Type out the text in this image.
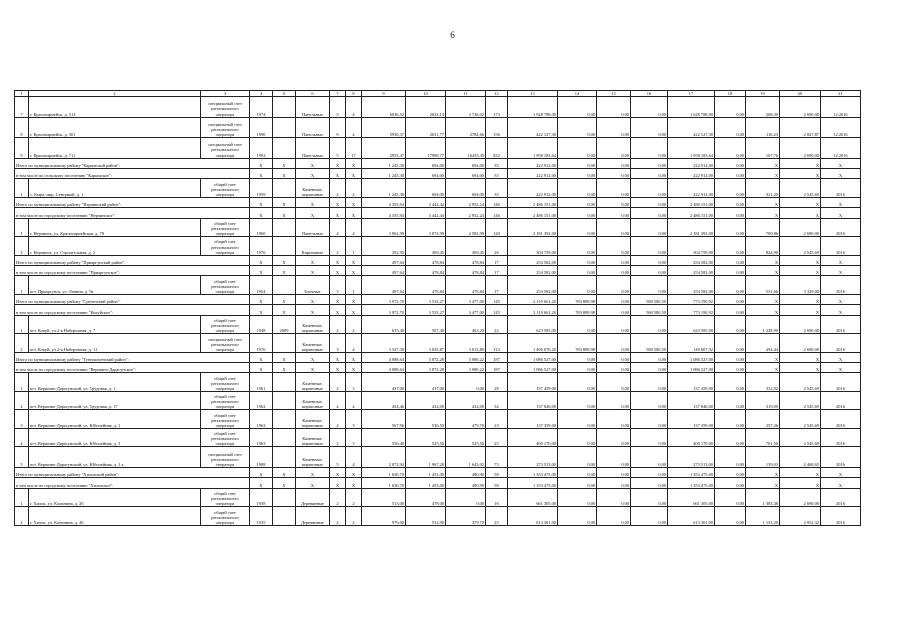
6
1	2	3	4	5	6	7	8	9	10	11	12	13	14	15	16	17	18	19	20	21
7	г. Красноармейск, д. 514	специальный счет регионального оператора	1974		Панельные	5	4	6036,52	2633,13	3 736,02	173	1 928 788,00	0,00	0,00	0,00	1 628 788,00	0,00	268,39	2 690,00	12.2016
8	г. Красноармейск, д. 301	специальный счет регионального оператора	1990		Панельные	9	2	5930,37	2631,77	2784,66	156	422 127,30	0,00	0,00	0,00	422 127,30	0,00	116,23	2 827,87	12.2016
9	г. Красноармейск, д. 711	специальный счет регионального оператора	1992		Панельные	5	17	2953,47	17988,77	16435,39	832	1 958 183,64	0,00	0,00	0,00	1 958 183,64	0,00	107,76	2 690,00	12.2016
Итого по муниципальному району "Карымский район":			X	X	X	X	X	1 245,30	694,00	694,00	35	222 912,00	0,00	0,00	0,00	222 912,00	0,00	X	X	X
в том числе по сельскому поселению "Карымское":			X	X	X	X	X	1 245,30	694,00	694,00	35	222 912,00	0,00	0,00	0,00	222 912,00	0,00	X	X	X
1	с. Кыра, мкр. Северный, д. 1	общий счет регионального оператора	1959		Каменные, кирпичные	2	2	1 245,30	694,00	694,00	35	222 912,00	0,00	0,00	0,00	222 912,00	0,00	321,20	2 545,69	2016
Итого по муниципальному району "Нерчинский район":			X	X	X	X	X	4 355,94	3 442,44	2 952,24	146	2 486 151,00	0,00	0,00	0,00	2 486 151,00	0,00	X	X	X
в том числе по городскому поселению "Нерчинское":			X	X	X	X	X	4 355,94	3 442,44	2 952,24	146	2 486 151,00	0,00	0,00	0,00	2 486 151,00	0,00	X	X	X
1	г. Нерчинск, ул. Красноармейская, д. 78	общий счет регионального оператора	1960		Панельные	4	4	3 962,99	3 072,99	2 582,99	120	2 181 392,00	0,00	0,00	0,00	2 181 392,00	0,00	709,86	2 690,00	2016
2	г. Нерчинск, ул. Строительная, д. 2	общий счет регионального оператора	1976		Кирпичные	2	1	392,95	369,45	369,45	26	304 759,00	0,00	0,00	0,00	304 759,00	0,00	824,90	2 545,69	2016
Итого по муниципальному району "Приаргунский район":			X	X	X	X	X	497,64	478,84	478,84	17	254 582,00	0,00	0,00	0,00	254 582,00	0,00	X	X	X
в том числе по городскому поселению "Приаргунское":			X	X	X	X	X	497,64	478,84	478,84	17	254 582,00	0,00	0,00	0,00	254 582,00	0,00	X	X	X
1	пгт. Приаргунск, ул. Ленина, д. 9а	общий счет регионального оператора	1954		Блочные	3	1	497,64	478,84	478,84	17	254 582,00	0,00	0,00	0,00	254 582,00	0,00	531,66	3 329,00	2016
Итого по муниципальному району "Сретенский район":			X	X	X	X	X	3 972,70	3 533,27	3 477,00	145	2 119 661,20	783 889,98	0,00	580 580,50	773 190,92	0,00	X	X	X
в том числе по городскому поселению "Кокуйское":			X	X	X	X	X	3 972,70	3 533,27	3 477,00	145	2 119 661,20	783 889,98	0,00	580 580,50	773 190,92	0,00	X	X	X
1	пгт. Кокуй, ул.2-я Набережная, д. 7	общий счет регионального оператора	1948	2009	Каменные, кирпичные	2	2	635,40	507,40	463,20	22	623 585,00	0,00	0,00	0,00	623 585,00	0,00	1 228,99	2 690,00	2016
2	пгт. Кокуй, ул.2-я Набережная, д. 11	специальный счет регионального оператора	1976		Каменные, кирпичные	3	4	3 337,30	3 025,87	3 013,80	123	1 496 076,20	783 889,98	0,00	580 580,50	149 607,92	0,00	494,44	2 690,00	2016
Итого по муниципальному району "Тунгокоченский район":			X	X	X	X	X	4 088,64	3 872,28	3 080,22	187	1 086 527,00	0,00	0,00	0,00	1 086 527,00	0,00	X	X	X
в том числе по городскому поселению "Вершино-Дарасунское":			X	X	X	X	X	4 088,64	3 872,28	3 080,22	187	1 086 527,00	0,00	0,00	0,00	1 086 527,00	0,00	X	X	X
1	пгт. Вершино-Дарасунский, ул. Трудовая, д. 1	общий счет регионального оператора	1961		Каменные, кирпичные	2	3	437,00	417,00	0,00	28	137 459,00	0,00	0,00	0,00	137 459,00	0,00	332,92	2 545,69	2016
2	пгт. Вершино-Дарасунский, ул. Трудовая, д. 17	общий счет регионального оператора	1962		Каменные, кирпичные	2	2	454,46	432,00	432,00	34	137 846,00	0,00	0,00	0,00	137 846,00	0,00	319,09	2 545,69	2016
3	пгт. Вершино-Дарасунский, ул. Юбилейная, д. 1	общий счет регионального оператора	1962		Каменные, кирпичные	2	3	567,96	536,50	479,70	23	137 359,00	0,00	0,00	0,00	137 359,00	0,00	257,26	2 545,69	2016
4	пгт. Вершино-Дарасунский, ул. Юбилейная, д. 3	общий счет регионального оператора	1963		Каменные, кирпичные	2	3	556,40	525,50	525,50	25	400 170,00	0,00	0,00	0,00	400 170,00	0,00	761,50	2 545,69	2016
5	пгт. Вершино-Дарасунский, ул. Юбилейная, д. 1 а	специальный счет регионального оператора	1988		Каменные, кирпичные	5	4	2 072,94	1 967,28	1 643,02	73	273 513,00	0,00	0,00	0,00	273 513,00	0,00	139,03	2 468,65	2016
Итого по муниципальному району "Хилокский район":			X	X	X	X	X	1 630,70	1 453,00	480,90	58	1 353 475,00	0,00	0,00	0,00	1 353 475,00	0,00	X	X	X
в том числе по городскому поселению "Хилокское":			X	X	X	X	X	1 630,70	1 453,00	480,90	58	1 353 475,00	0,00	0,00	0,00	1 353 475,00	0,00	X	X	X
1	г. Хилок, ул. Калинина, д. 26	общий счет регионального оператора	1938		Деревянные	2	2	513,00	478,00	0,00	16	661 305,00	0,00	0,00	0,00	661 305,00	0,00	1 383,48	2 690,00	2016
2	г. Хилок, ул. Калинина, д. 46	общий счет регионального оператора	1935		Деревянные	2	2	976,00	532,90	379,70	25	613 301,00	0,00	0,00	0,00	613 301,00	0,00	1 153,20	2 952,32	2016
